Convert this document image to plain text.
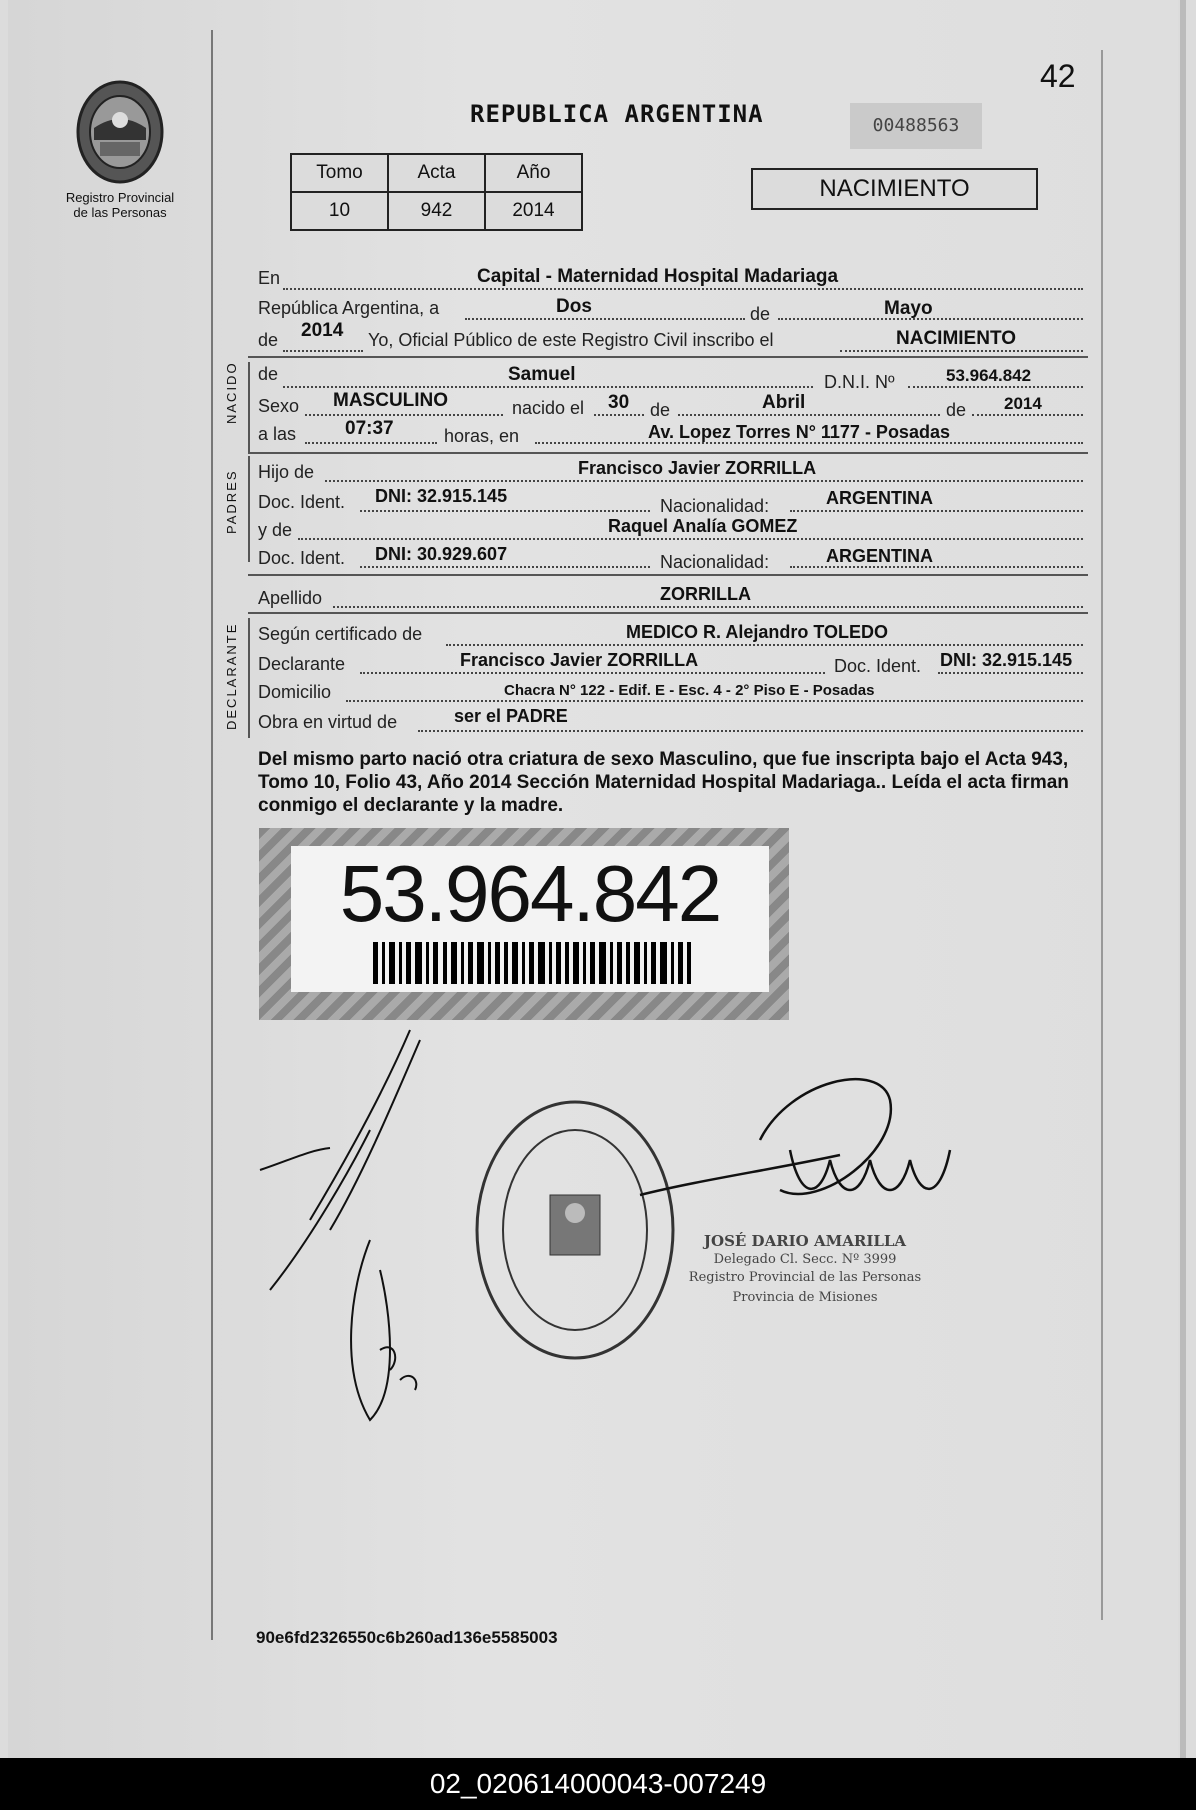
Registro Provincial
de las Personas
42
REPUBLICA ARGENTINA	00488563
Tomo	Acta	Año
10	942	2014
NACIMIENTO
En	Capital - Maternidad Hospital Madariaga
República Argentina, a	Dos	de	Mayo
de 2014 Yo, Oficial Público de este Registro Civil inscribo el	NACIMIENTO
NACIDO de	Samuel	D.N.I. Nº	53.964.842
Sexo MASCULINO	nacido el 30 de	Abril	de 2014
a las	07:37	horas, en	Av. Lopez Torres N° 1177 - Posadas
PADRES Hijo de	Francisco Javier ZORRILLA
Doc. Ident. DNI: 32.915.145	Nacionalidad:	ARGENTINA
y de	Raquel Analía GOMEZ
Doc. Ident. DNI: 30.929.607	Nacionalidad:	ARGENTINA
Apellido	ZORRILLA
DECLARANTE Según certificado de	MEDICO R. Alejandro TOLEDO
Declarante	Francisco Javier ZORRILLA	Doc. Ident. DNI: 32.915.145
Domicilio	Chacra N° 122 - Edif. E - Esc. 4 - 2° Piso E - Posadas
Obra en virtud de	ser el PADRE
Del mismo parto nació otra criatura de sexo Masculino, que fue inscripta bajo el Acta 943, Tomo 10, Folio 43, Año 2014 Sección Maternidad Hospital Madariaga.. Leída el acta firman conmigo el declarante y la madre.
53.964.842
JOSÉ DARIO AMARILLA
Delegado Cl. Secc. Nº 3999
Registro Provincial de las Personas
Provincia de Misiones
90e6fd2326550c6b260ad136e5585003
02_020614000043-007249
